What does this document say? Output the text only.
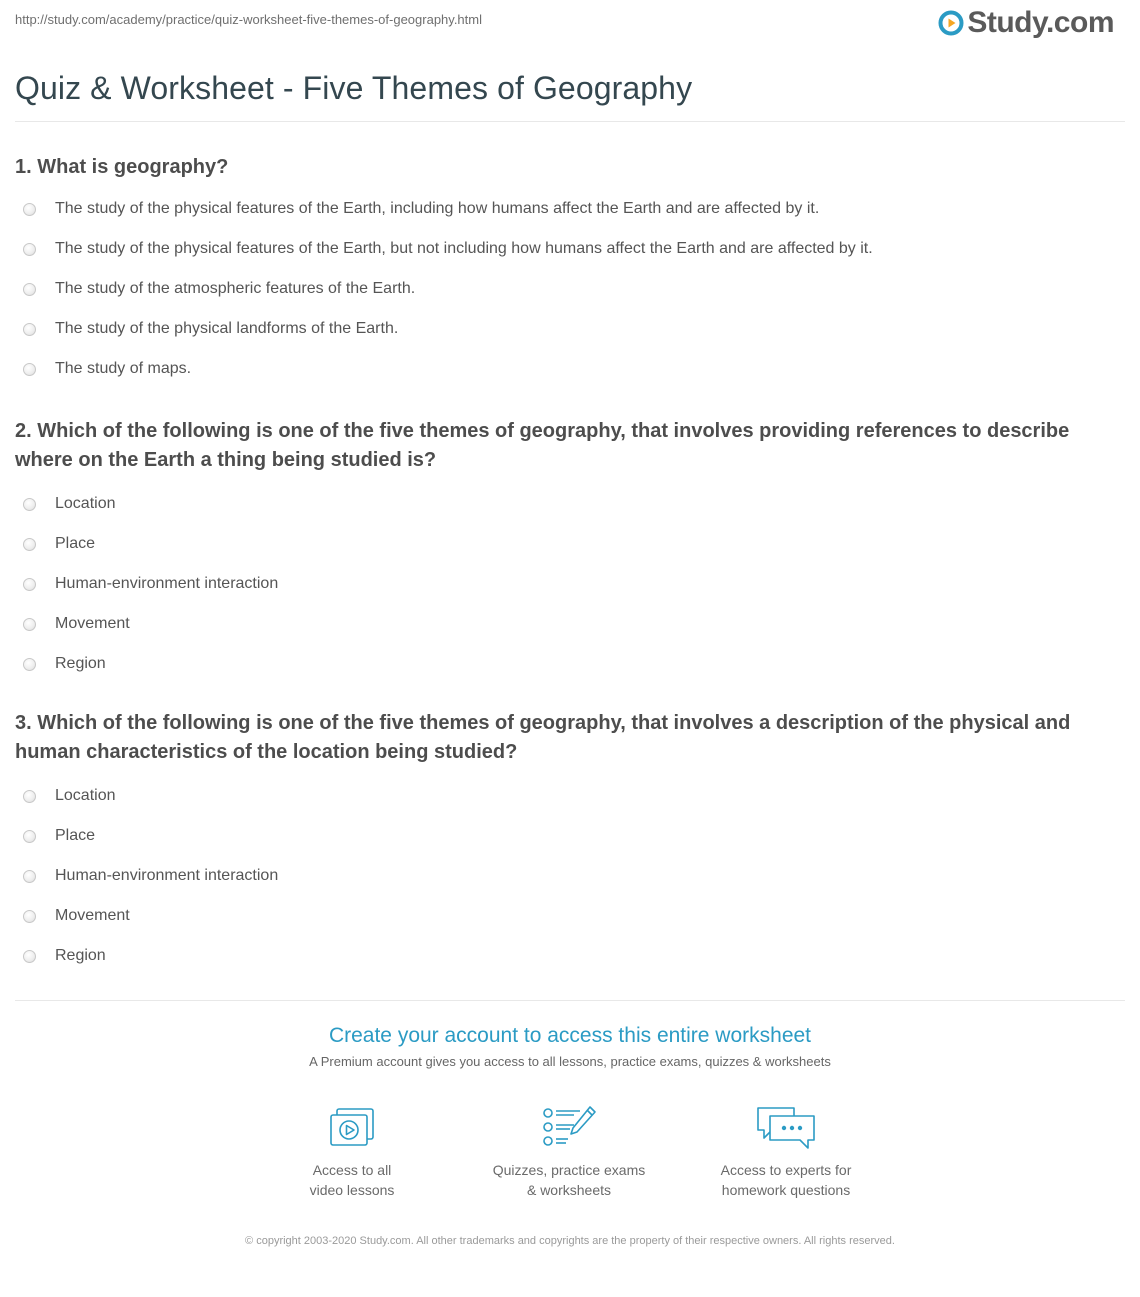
http://study.com/academy/practice/quiz-worksheet-five-themes-of-geography.html	Study.com
Quiz & Worksheet - Five Themes of Geography

1. What is geography?

The study of the physical features of the Earth, including how humans affect the Earth and are affected by it.
The study of the physical features of the Earth, but not including how humans affect the Earth and are affected by it.
The study of the atmospheric features of the Earth.
The study of the physical landforms of the Earth.
The study of maps.

2. Which of the following is one of the five themes of geography, that involves providing references to describe where on the Earth a thing being studied is?

Location
Place
Human-environment interaction
Movement
Region

3. Which of the following is one of the five themes of geography, that involves a description of the physical and human characteristics of the location being studied?

Location
Place
Human-environment interaction
Movement
Region

Create your account to access this entire worksheet

A Premium account gives you access to all lessons, practice exams, quizzes & worksheets
Access to all
video lessons
Quizzes, practice exams
& worksheets
Access to experts for
homework questions
© copyright 2003-2020 Study.com. All other trademarks and copyrights are the property of their respective owners. All rights reserved.
